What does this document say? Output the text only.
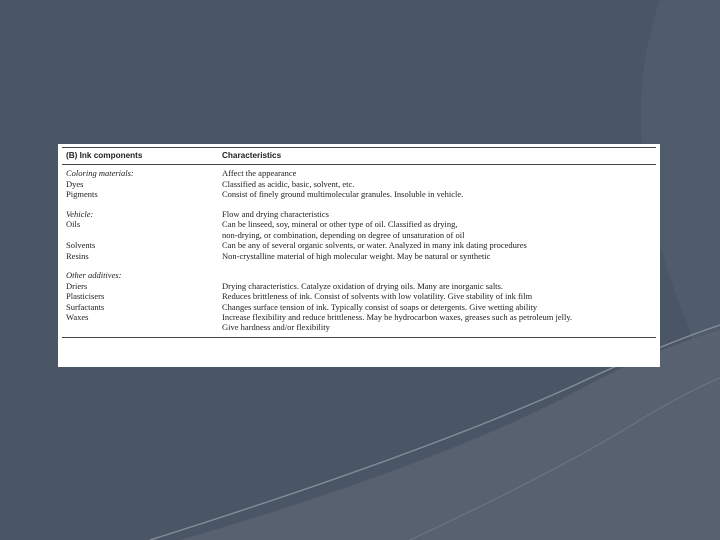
(B) Ink components	Characteristics
Coloring materials:	Affect the appearance
Dyes	Classified as acidic, basic, solvent, etc.
Pigments	Consist of finely ground multimolecular granules. Insoluble in vehicle.
Vehicle:	Flow and drying characteristics
Oils	Can be linseed, soy, mineral or other type of oil. Classified as drying,
non-drying, or combination, depending on degree of unsaturation of oil
Solvents	Can be any of several organic solvents, or water. Analyzed in many ink dating procedures
Resins	Non-crystalline material of high molecular weight. May be natural or synthetic
Other additives:
Driers	Drying characteristics. Catalyze oxidation of drying oils. Many are inorganic salts.
Plasticisers	Reduces brittleness of ink. Consist of solvents with low volatility. Give stability of ink film
Surfactants	Changes surface tension of ink. Typically consist of soaps or detergents. Give wetting ability
Waxes	Increase flexibility and reduce brittleness. May be hydrocarbon waxes, greases such as petroleum jelly.
Give hardness and/or flexibility
